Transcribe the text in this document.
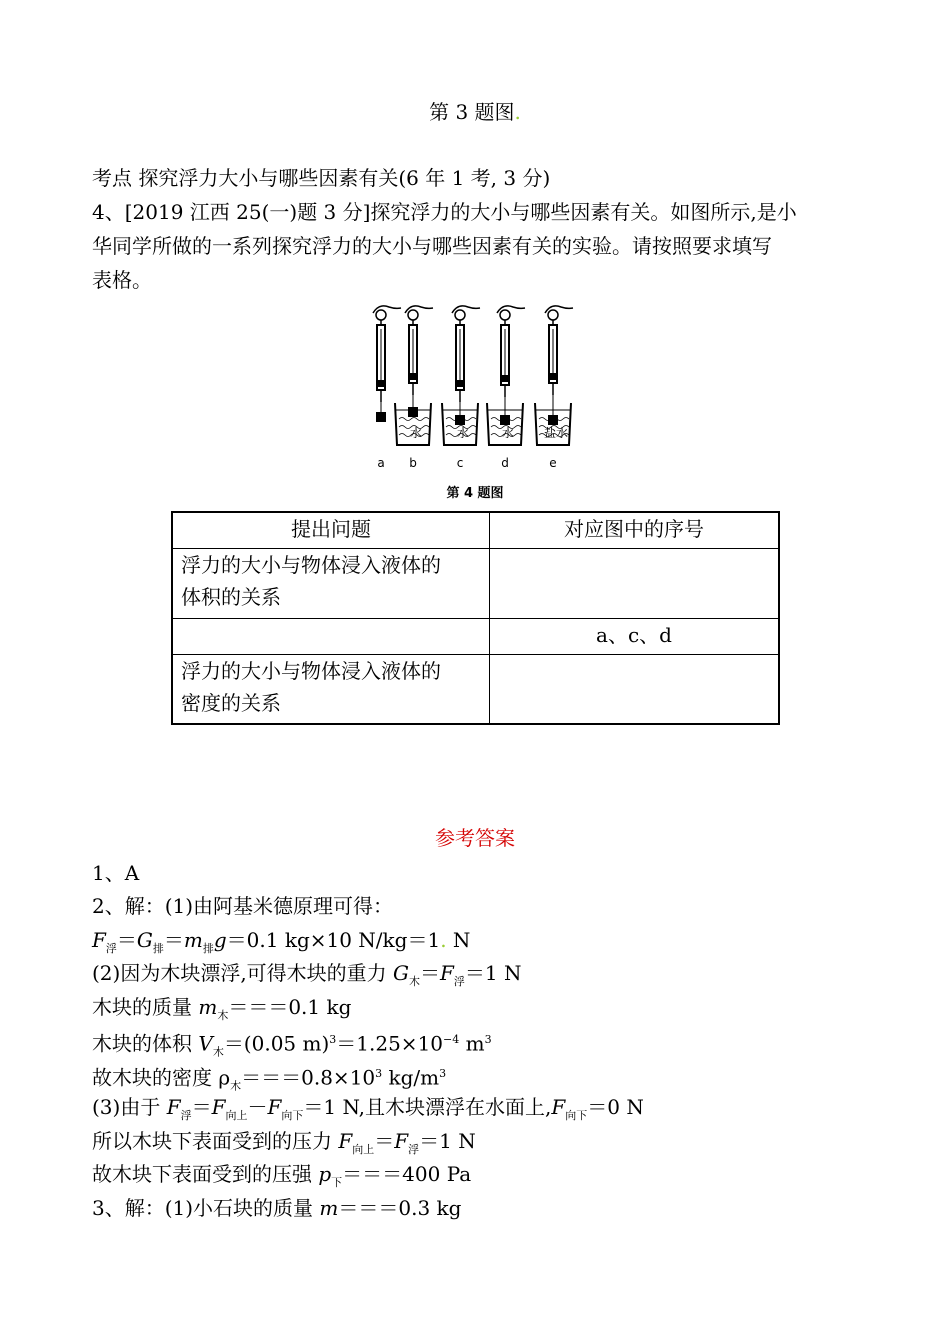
第 3 题图.
考点 探究浮力大小与哪些因素有关(6 年 1 考, 3 分)
4、[2019 江西 25(一)题 3 分]探究浮力的大小与哪些因素有关。如图所示,是小
华同学所做的一系列探究浮力的大小与哪些因素有关的实验。请按照要求填写
表格。
水	水	水 盐水
a b	c	d	e
第 4 题图
提出问题	对应图中的序号

浮力的大小与物体浸入液体的
体积的关系	

	a、c、d

浮力的大小与物体浸入液体的
密度的关系	

参考答案
1、A
2、解：(1)由阿基米德原理可得：
$F_浮=G_排=m_排g=0.1$ kg×10 N/kg＝1. N
(2)因为木块漂浮,可得木块的重力 $G_木=F_浮=1$ N
木块的质量 $m_木===0.1$ kg
木块的体积 $V_木=(0.05$ $m)^3=1.25\times 10^{-4}$ $m^3$
故木块的密度 $\rho_木===0.8\times 10^3$ $kg/m^3$
(3)由于 $F_浮=F_{向上}-F_{向下}=1$ N,且木块漂浮在水面上$,F_{向下}=0$ N
所以木块下表面受到的压力 $F_{向上}=F_浮=1$ N
故木块下表面受到的压强 $p_下===400$ Pa
3、解：(1)小石块的质量 m＝＝＝0.3 kg
